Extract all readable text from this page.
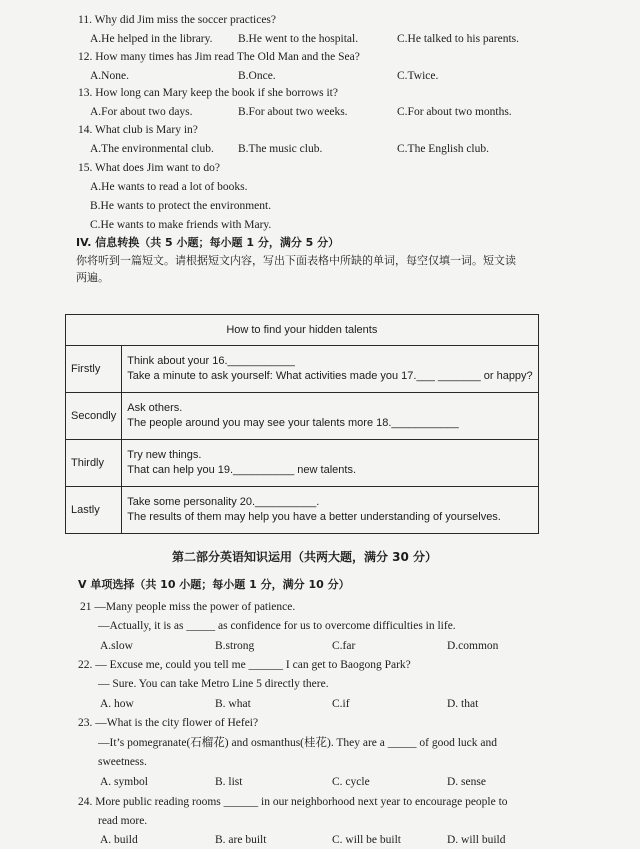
11. Why did Jim miss the soccer practices?
A.He helped in the library. B.He went to the hospital.	C.He talked to his parents.
12. How many times has Jim read The Old Man and the Sea?
A.None.	B.Once.	C.Twice.
13. How long can Mary keep the book if she borrows it?
A.For about two days.	B.For about two weeks.	C.For about two months.
14. What club is Mary in?
A.The environmental club. B.The music club.	C.The English club.
15. What does Jim want to do?
A.He wants to read a lot of books.
B.He wants to protect the environment.
C.He wants to make friends with Mary.
IV. 信息转换（共 5 小题；每小题 1 分，满分 5 分）
你将听到一篇短文。请根据短文内容，写出下面表格中所缺的单词，每空仅填一词。短文读
两遍。
How to find your hidden talents	
Firstly	Think about your 16.___________
Take a minute to ask yourself: What activities made you 17.___ _______ or happy?

Secondly	Ask others.
The people around you may see your talents more 18.___________

Thirdly	Try new things.
That can help you 19.__________ new talents.

Lastly	Take some personality 20.__________.
The results of them may help you have a better understanding of yourselves.
第二部分英语知识运用（共两大题，满分 30 分）
V 单项选择（共 10 小题；每小题 1 分，满分 10 分）
21 —Many people miss the power of patience.
—Actually, it is as _____ as confidence for us to overcome difficulties in life.
A.slow	B.strong	C.far	D.common
22. — Excuse me, could you tell me ______ I can get to Baogong Park?
— Sure. You can take Metro Line 5 directly there.
A. how	B. what	C.if	D. that
23. —What is the city flower of Hefei?
—It’s pomegranate(石榴花) and osmanthus(桂花). They are a _____ of good luck and
sweetness.
A. symbol	B. list	C. cycle	D. sense
24. More public reading rooms ______ in our neighborhood next year to encourage people to
read more.
A. build	B. are built	C. will be built	D. will build
